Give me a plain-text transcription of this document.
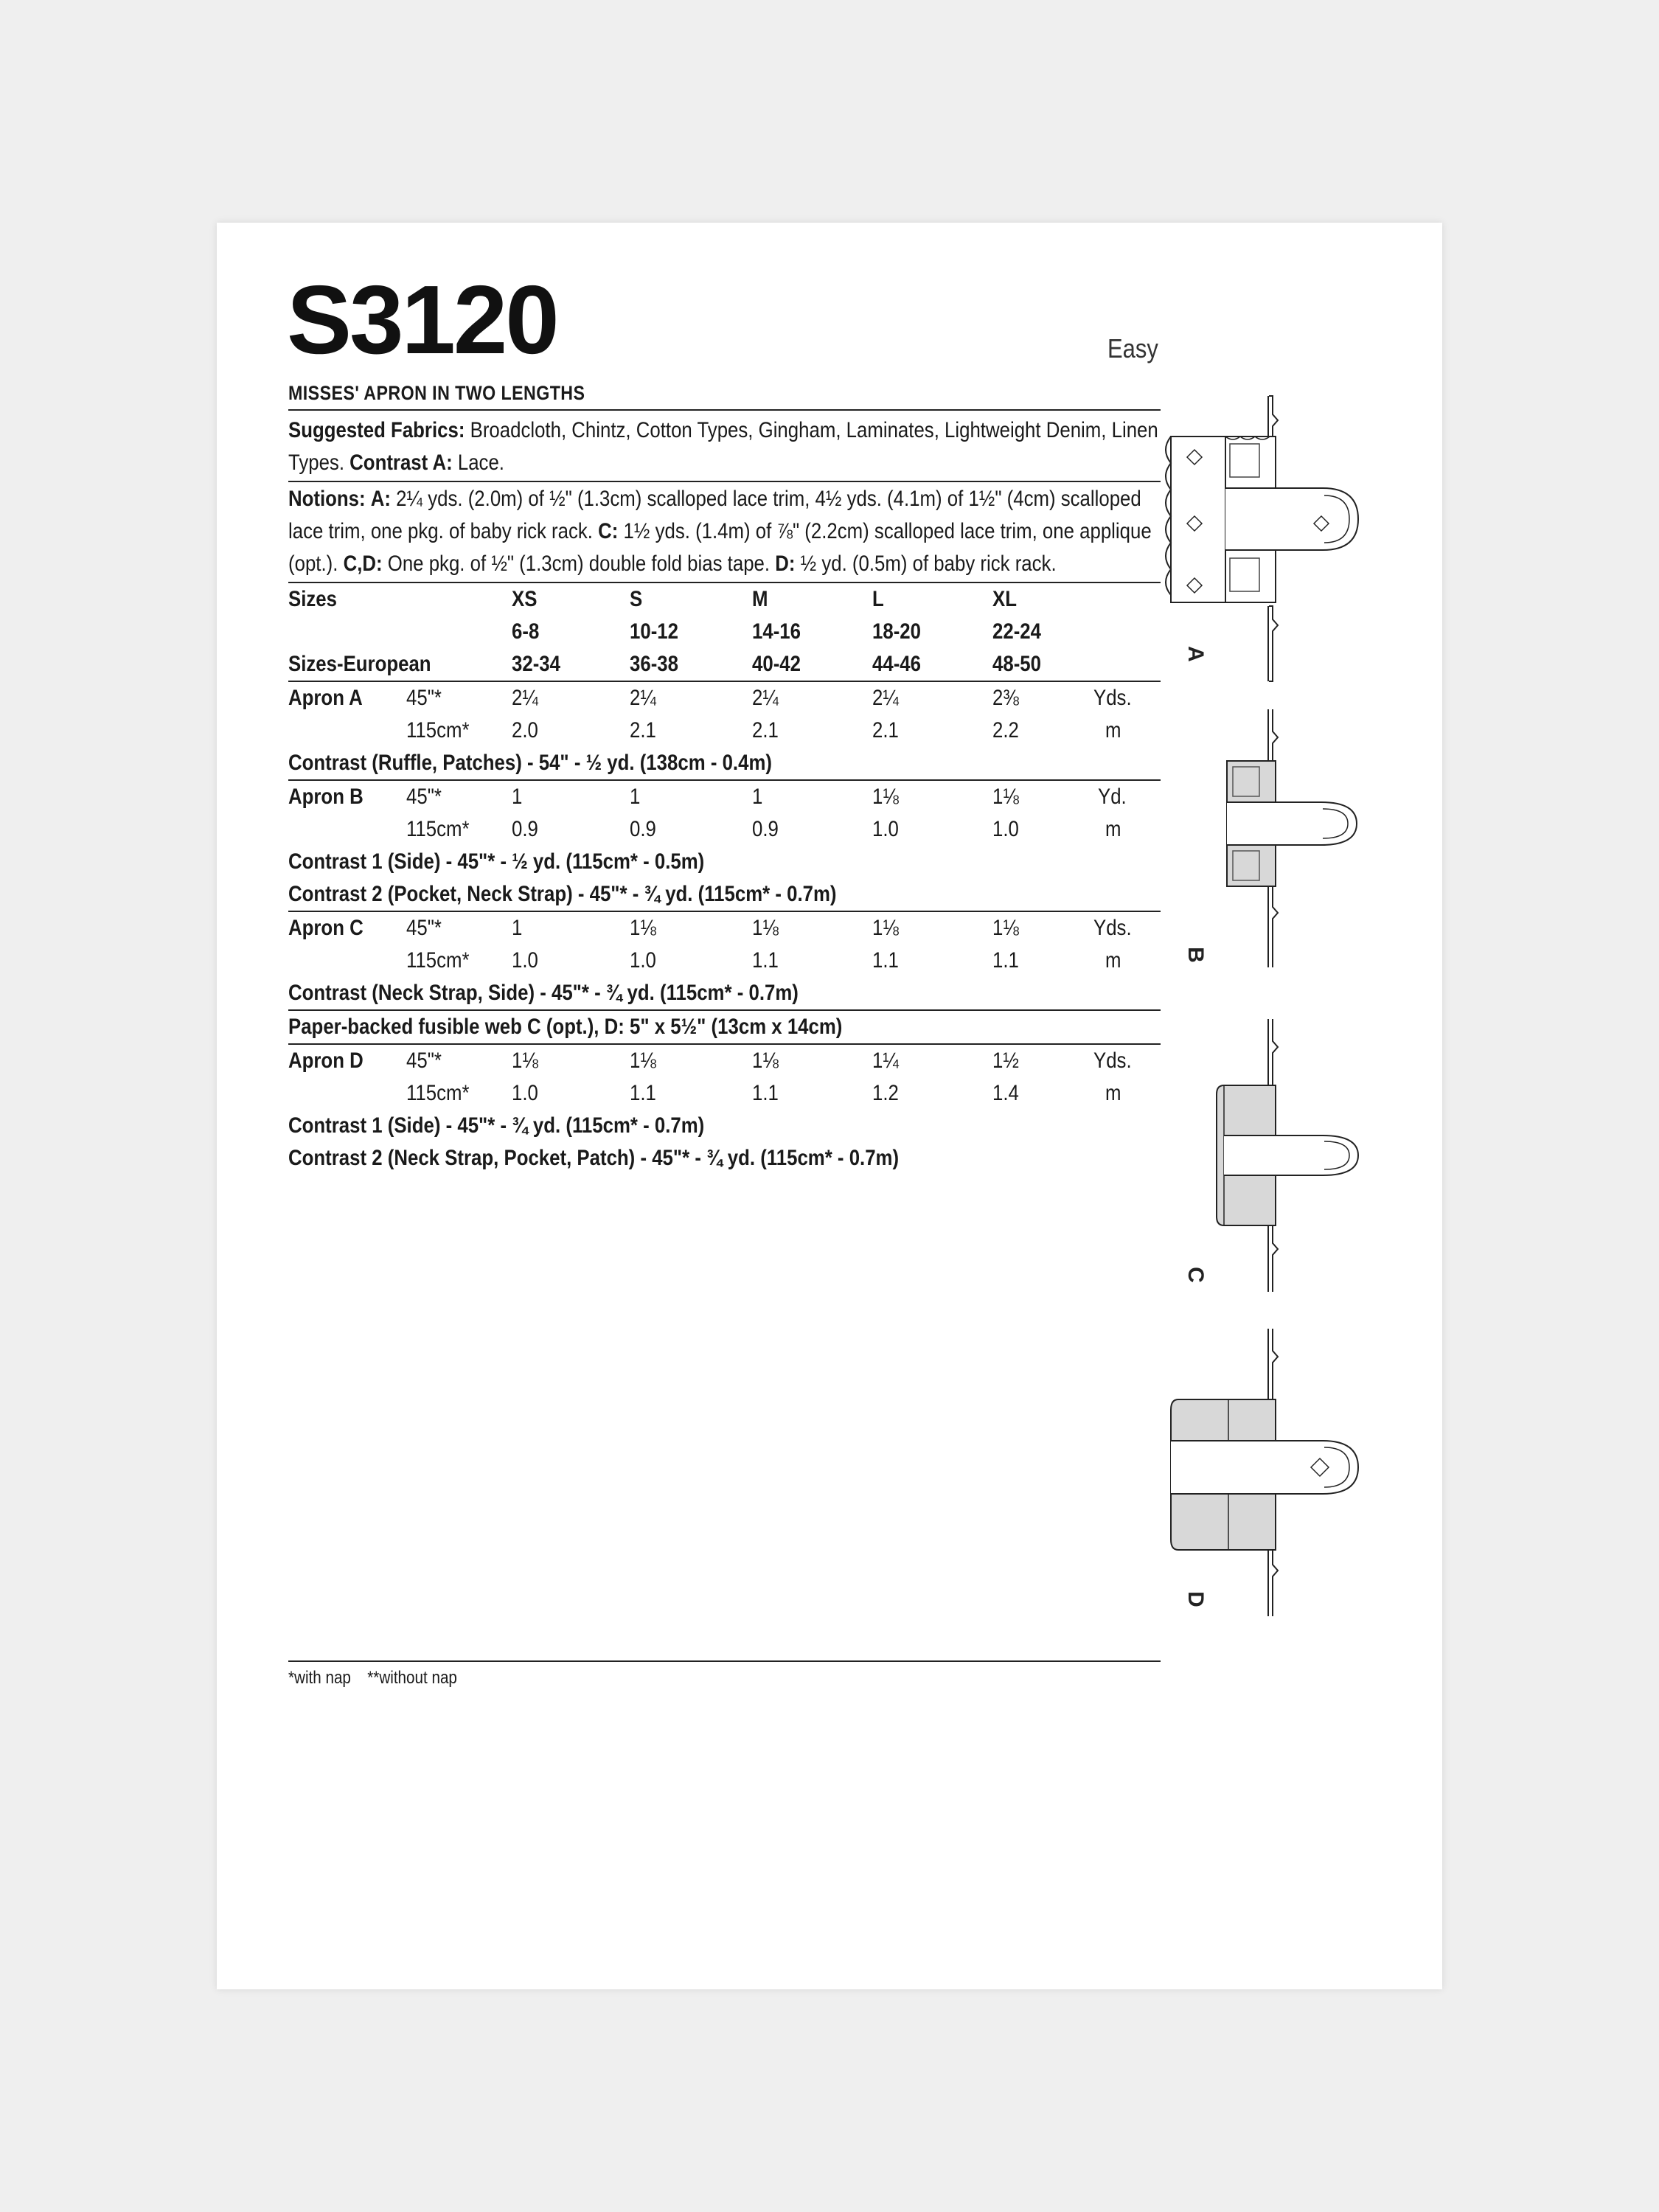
S3120	Easy
MISSES' APRON IN TWO LENGTHS

Suggested Fabrics: Broadcloth, Chintz, Cotton Types, Gingham, Laminates, Lightweight Denim, Linen Types. Contrast A: Lace.

Notions: A: 2¼ yds. (2.0m) of ½" (1.3cm) scalloped lace trim, 4½ yds. (4.1m) of 1½" (4cm) scalloped lace trim, one pkg. of baby rick rack. C: 1½ yds. (1.4m) of ⅞" (2.2cm) scalloped lace trim, one applique (opt.). C,D: One pkg. of ½" (1.3cm) double fold bias tape. D: ½ yd. (0.5m) of baby rick rack.

Sizes	XS	S	M	L	XL
6-8	10-12	14-16	18-20	22-24
Sizes-European	32-34	36-38	40-42	44-46	48-50
Apron A 45"*	2¼	2¼	2¼	2¼	2⅜	Yds.
115cm* 2.0	2.1	2.1	2.1	2.2	m
Contrast (Ruffle, Patches) - 54" - ½ yd. (138cm - 0.4m)
Apron B 45"*	1	1	1	1⅛	1⅛	Yd.
115cm* 0.9	0.9	0.9	1.0	1.0	m
Contrast 1 (Side) - 45"* - ½ yd. (115cm* - 0.5m)
Contrast 2 (Pocket, Neck Strap) - 45"* - ¾ yd. (115cm* - 0.7m)
Apron C 45"*	1	1⅛	1⅛	1⅛	1⅛	Yds.
115cm* 1.0	1.0	1.1	1.1	1.1	m
Contrast (Neck Strap, Side) - 45"* - ¾ yd. (115cm* - 0.7m)
Paper-backed fusible web C (opt.), D: 5" x 5½" (13cm x 14cm)
Apron D 45"*	1⅛	1⅛	1⅛	1¼	1½	Yds.
115cm* 1.0	1.1	1.1	1.2	1.4	m
Contrast 1 (Side) - 45"* - ¾ yd. (115cm* - 0.7m)
Contrast 2 (Neck Strap, Pocket, Patch) - 45"* - ¾ yd. (115cm* - 0.7m)
*with nap **without nap
A
B
C
D
